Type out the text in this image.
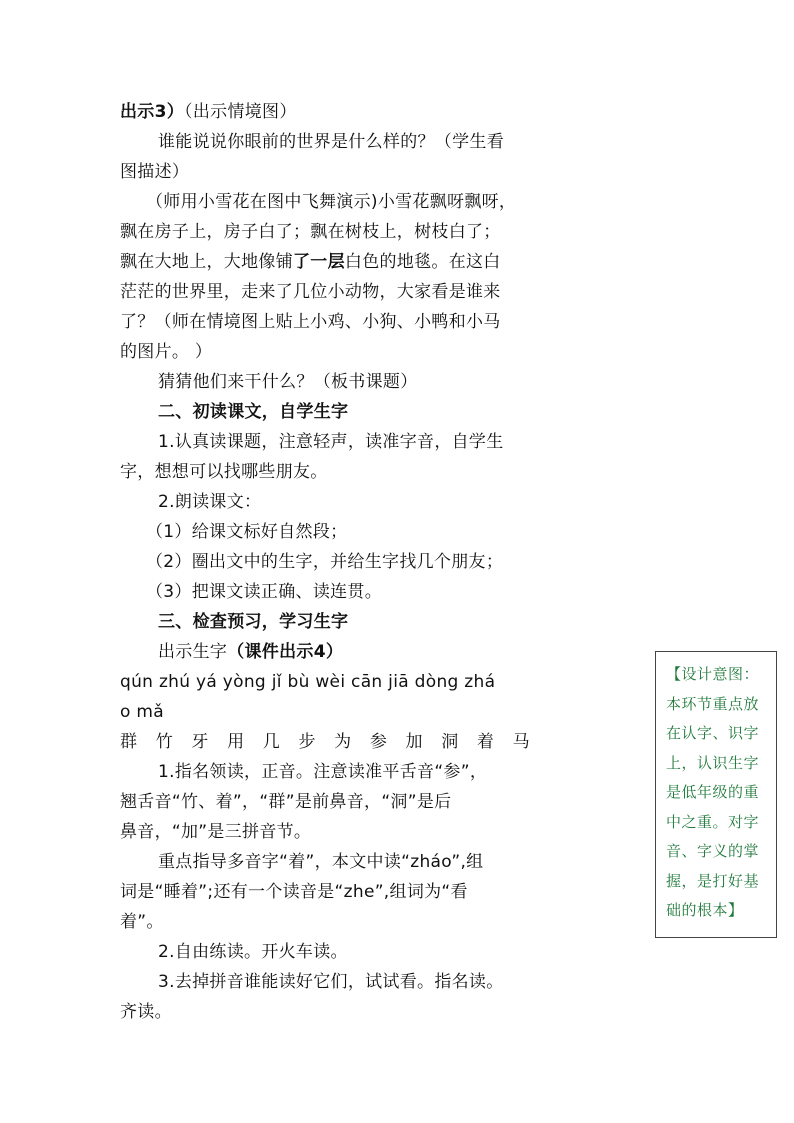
出示3）（出示情境图）

谁能说说你眼前的世界是什么样的？（学生看

图描述）

（师用小雪花在图中飞舞演示)小雪花飘呀飘呀，

飘在房子上，房子白了；飘在树枝上，树枝白了；

飘在大地上，大地像铺了一层白色的地毯。在这白

茫茫的世界里，走来了几位小动物，大家看是谁来

了？（师在情境图上贴上小鸡、小狗、小鸭和小马

的图片。 ）

猜猜他们来干什么？（板书课题）

二、初读课文，自学生字

1.认真读课题，注意轻声，读准字音，自学生

字，想想可以找哪些朋友。

2.朗读课文：

（1）给课文标好自然段；

（2）圈出文中的生字，并给生字找几个朋友；

（3）把课文读正确、读连贯。

三、检查预习，学习生字

出示生字（课件出示4）

qún zhú yá yòng jǐ bù wèi cān jiā dòng zhá

o mǎ

群 竹 牙 用 几 步 为 参 加 洞 着 马

1.指名领读，正音。注意读准平舌音“参”，

翘舌音“竹、着”，“群”是前鼻音，“洞”是后

鼻音，“加”是三拼音节。

重点指导多音字“着”，本文中读“zháo”,组

词是“睡着”;还有一个读音是“zhe”,组词为“看

着”。

2.自由练读。开火车读。

3.去掉拼音谁能读好它们，试试看。指名读。

齐读。

【设计意图：
本环节重点放
在认字、识字
上，认识生字
是低年级的重
中之重。对字
音、字义的掌
握，是打好基
础的根本】
